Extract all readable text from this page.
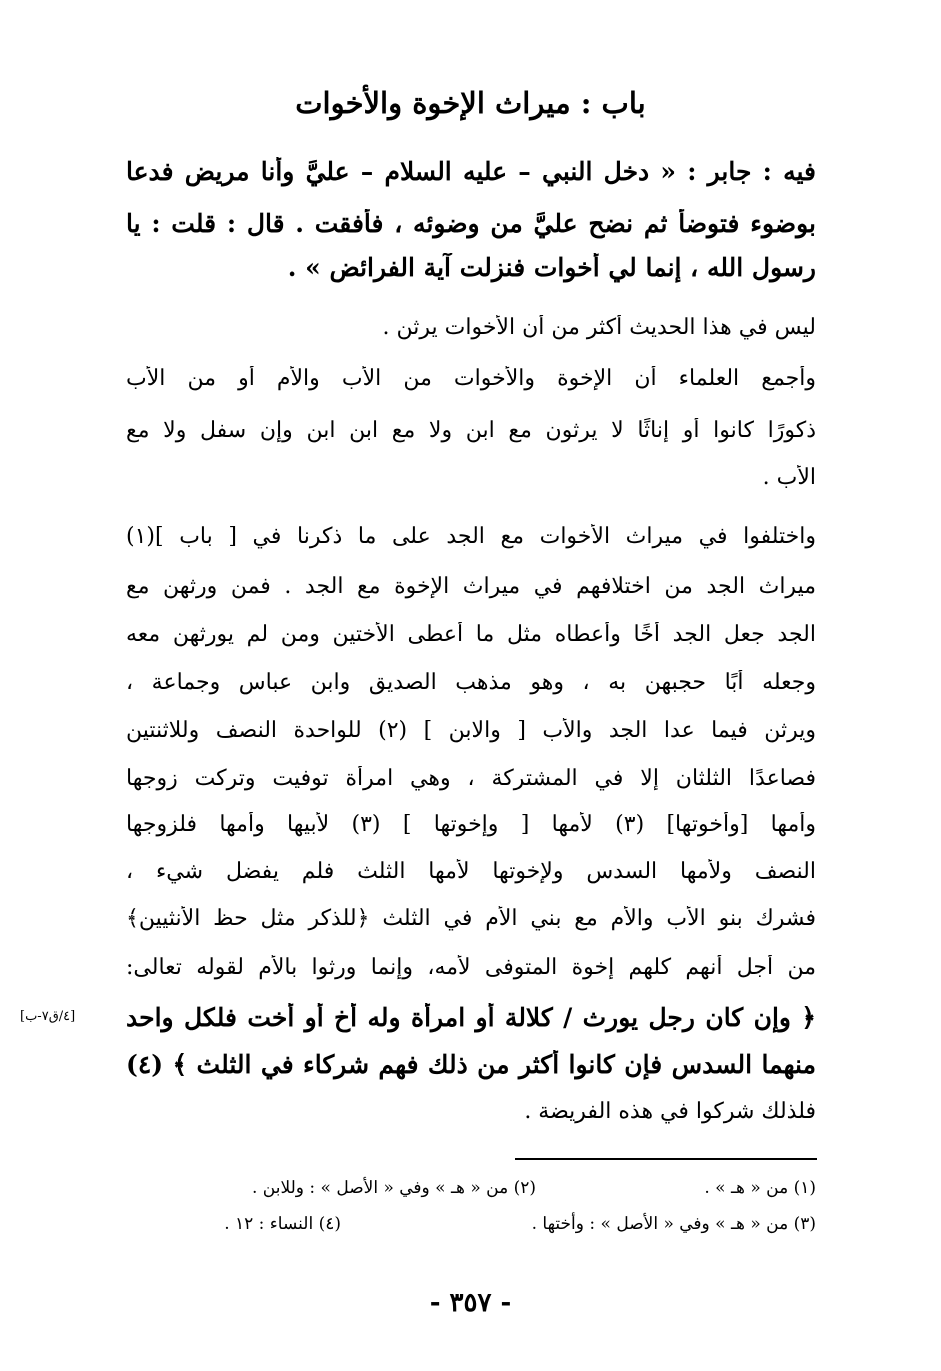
باب : ميراث الإخوة والأخوات
فيه : جابر : « دخل النبي – عليه السلام – عليَّ وأنا مريض فدعا
بوضوء فتوضأ ثم نضح عليَّ من وضوئه ، فأفقت . قال : قلت : يا
رسول الله ، إنما لي أخوات فنزلت آية الفرائض » .
ليس في هذا الحديث أكثر من أن الأخوات يرثن .
وأجمع العلماء أن الإخوة والأخوات من الأب والأم أو من الأب
ذكورًا كانوا أو إناثًا لا يرثون مع ابن ولا مع ابن ابن وإن سفل ولا مع
الأب .
واختلفوا في ميراث الأخوات مع الجد على ما ذكرنا في [ باب ](١)
ميراث الجد من اختلافهم في ميراث الإخوة مع الجد . فمن ورثهن مع
الجد جعل الجد أخًا وأعطاه مثل ما أعطى الأختين ومن لم يورثهن معه
وجعله أبًا حجبهن به ، وهو مذهب الصديق وابن عباس وجماعة ،
ويرثن فيما عدا الجد والأب [ والابن ] (٢) للواحدة النصف وللاثنتين
فصاعدًا الثلثان إلا في المشتركة ، وهي امرأة توفيت وتركت زوجها
وأمها [وأخوتها] (٣) لأمها [ وإخوتها ] (٣) لأبيها وأمها فلزوجها
النصف ولأمها السدس ولإخوتها لأمها الثلث فلم يفضل شيء ،
فشرك بنو الأب والأم مع بني الأم في الثلث ﴿للذكر مثل حظ الأنثيين﴾
من أجل أنهم كلهم إخوة المتوفى لأمه، وإنما ورثوا بالأم لقوله تعالى:
﴿ وإن كان رجل يورث / كلالة أو امرأة وله أخ أو أخت فلكل واحد
منهما السدس فإن كانوا أكثر من ذلك فهم شركاء في الثلث ﴾ (٤)
فلذلك شركوا في هذه الفريضة .
[٤/ق٧-ب]
(١) من « هـ » .
(٢) من « هـ » وفي « الأصل » : وللابن .
(٣) من « هـ » وفي « الأصل » : وأختها .
(٤) النساء : ١٢ .
- ٣٥٧ -
